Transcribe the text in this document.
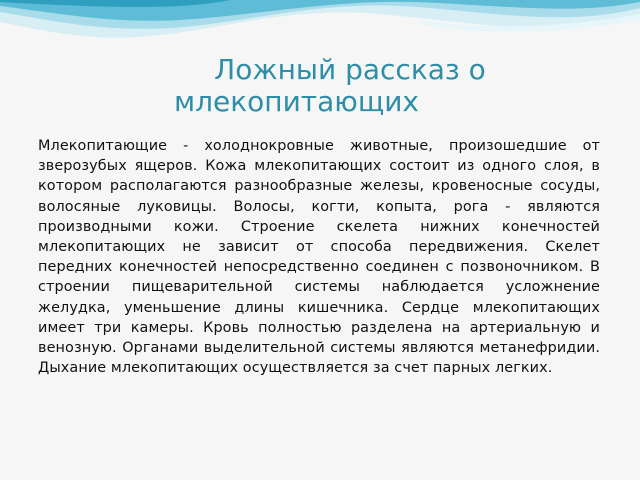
Ложный рассказ о
млекопитающих

Млекопитающие - холоднокровные животные, произошедшие от зверозубых ящеров. Кожа млекопитающих состоит из одного слоя, в котором располагаются разнообразные железы, кровеносные сосуды, волосяные луковицы. Волосы, когти, копыта, рога - являются производными кожи. Строение скелета нижних конечностей млекопитающих не зависит от способа передвижения. Скелет передних конечностей непосредственно соединен с позвоночником. В строении пищеварительной системы наблюдается усложнение желудка, уменьшение длины кишечника. Сердце млекопитающих имеет три камеры. Кровь полностью разделена на артериальную и венозную. Органами выделительной системы являются метанефридии. Дыхание млекопитающих осуществляется за счет парных легких.
